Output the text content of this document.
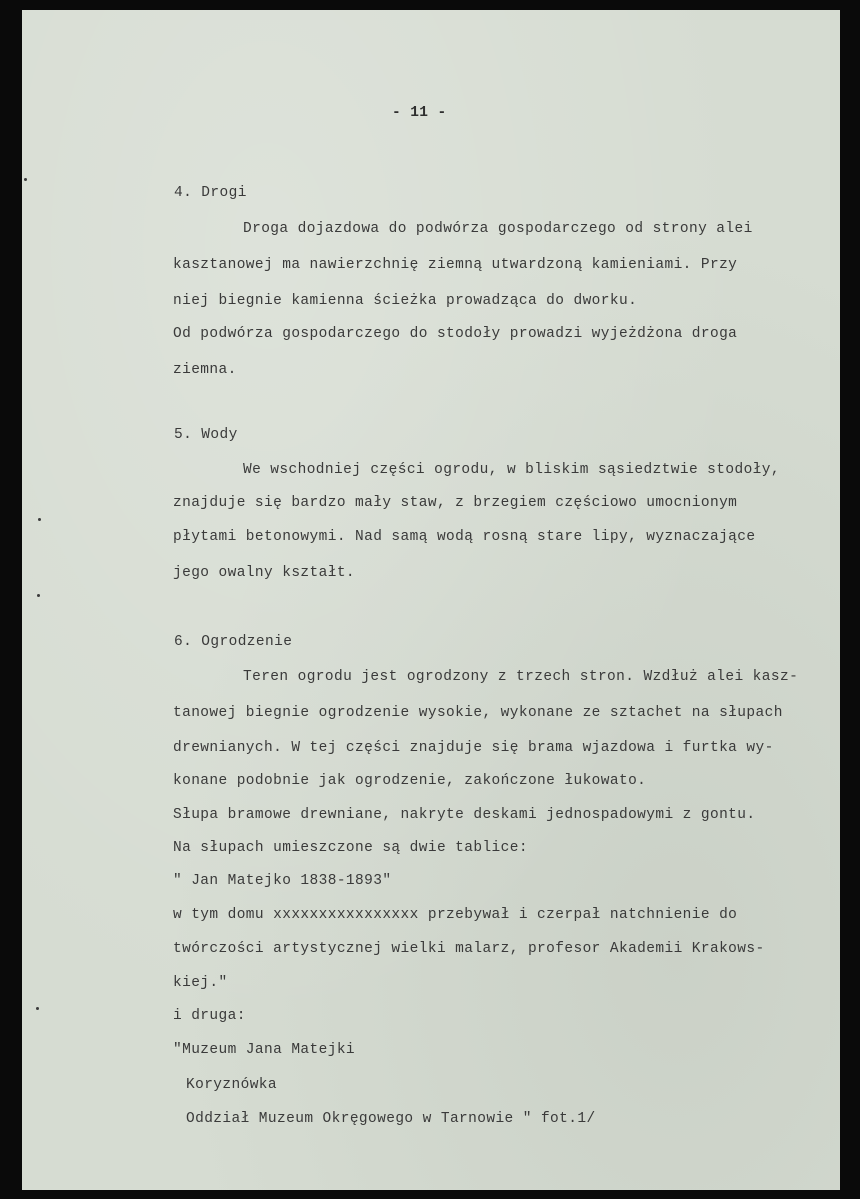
- 11 -
4. Drogi
Droga dojazdowa do podwórza gospodarczego od strony alei
kasztanowej ma nawierzchnię ziemną utwardzoną kamieniami. Przy
niej biegnie kamienna ścieżka prowadząca do dworku.
Od podwórza gospodarczego do stodoły prowadzi wyjeżdżona droga
ziemna.
5. Wody
We wschodniej części ogrodu, w bliskim sąsiedztwie stodoły,
znajduje się bardzo mały staw, z brzegiem częściowo umocnionym
płytami betonowymi. Nad samą wodą rosną stare lipy, wyznaczające
jego owalny kształt.
6. Ogrodzenie
Teren ogrodu jest ogrodzony z trzech stron. Wzdłuż alei kasz-
tanowej biegnie ogrodzenie wysokie, wykonane ze sztachet na słupach
drewnianych. W tej części znajduje się brama wjazdowa i furtka wy-
konane podobnie jak ogrodzenie, zakończone łukowato.
Słupa bramowe drewniane, nakryte deskami jednospadowymi z gontu.
Na słupach umieszczone są dwie tablice:
" Jan Matejko 1838-1893"
w tym domu xxxxxxxxxxxxxxxx przebywał i czerpał natchnienie do
twórczości artystycznej wielki malarz, profesor Akademii Krakows-
kiej."
i druga:
"Muzeum Jana Matejki
Koryznówka
Oddział Muzeum Okręgowego w Tarnowie " fot.1/
